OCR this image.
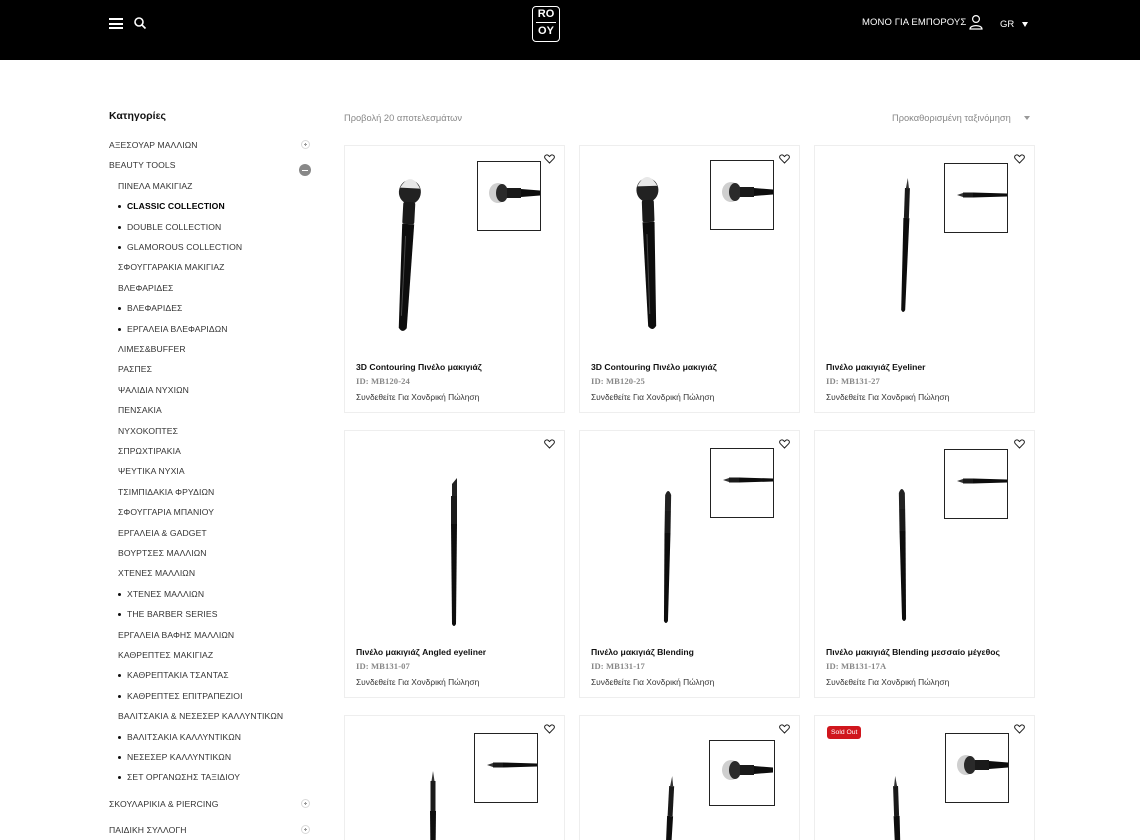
RO
OY
ΜΟΝΟ ΓΙΑ ΕΜΠΟΡΟΥΣ	GR
Κατηγορίες
ΑΞΕΣΟΥΑΡ ΜΑΛΛΙΩΝ
BEAUTY TOOLS
ΠΙΝΕΛΑ ΜΑΚΙΓΙΑΖ
CLASSIC COLLECTION
DOUBLE COLLECTION
GLAMOROUS COLLECTION
ΣΦΟΥΓΓΑΡΑΚΙΑ ΜΑΚΙΓΙΑΖ
ΒΛΕΦΑΡΙΔΕΣ
ΒΛΕΦΑΡΙΔΕΣ
ΕΡΓΑΛΕΙΑ ΒΛΕΦΑΡΙΔΩΝ
ΛΙΜΕΣ&BUFFER
ΡΑΣΠΕΣ
ΨΑΛΙΔΙΑ ΝΥΧΙΩΝ
ΠΕΝΣΑΚΙΑ
ΝΥΧΟΚΟΠΤΕΣ
ΣΠΡΩΧΤΙΡΑΚΙΑ
ΨΕΥΤΙΚΑ ΝΥΧΙΑ
ΤΣΙΜΠΙΔΑΚΙΑ ΦΡΥΔΙΩΝ
ΣΦΟΥΓΓΑΡΙΑ ΜΠΑΝΙΟΥ
ΕΡΓΑΛΕΙΑ & GADGET
ΒΟΥΡΤΣΕΣ ΜΑΛΛΙΩΝ
ΧΤΕΝΕΣ ΜΑΛΛΙΩΝ
ΧΤΕΝΕΣ ΜΑΛΛΙΩΝ
THE BARBER SERIES
ΕΡΓΑΛΕΙΑ ΒΑΦΗΣ ΜΑΛΛΙΩΝ
ΚΑΘΡΕΠΤΕΣ ΜΑΚΙΓΙΑΖ
ΚΑΘΡΕΠΤΑΚΙΑ ΤΣΑΝΤΑΣ
ΚΑΘΡΕΠΤΕΣ ΕΠΙΤΡΑΠΕΖΙΟΙ
ΒΑΛΙΤΣΑΚΙΑ & ΝΕΣΕΣΕΡ ΚΑΛΛΥΝΤΙΚΩΝ
ΒΑΛΙΤΣΑΚΙΑ ΚΑΛΛΥΝΤΙΚΩΝ
ΝΕΣΕΣΕΡ ΚΑΛΛΥΝΤΙΚΩΝ
ΣΕΤ ΟΡΓΑΝΩΣΗΣ ΤΑΞΙΔΙΟΥ
ΣΚΟΥΛΑΡΙΚΙΑ & PIERCING
ΠΑΙΔΙΚΗ ΣΥΛΛΟΓΗ
Προβολή 20 αποτελεσμάτων	Προκαθορισμένη ταξινόμηση
3D Contouring Πινέλο μακιγιάζ
ID: MB120-24
Συνδεθείτε Για Χονδρική Πώληση
3D Contouring Πινέλο μακιγιάζ
ID: MB120-25
Συνδεθείτε Για Χονδρική Πώληση
Πινέλο μακιγιάζ Eyeliner
ID: MB131-27
Συνδεθείτε Για Χονδρική Πώληση
Πινέλο μακιγιάζ Angled eyeliner
ID: MB131-07
Συνδεθείτε Για Χονδρική Πώληση
Πινέλο μακιγιάζ Blending
ID: MB131-17
Συνδεθείτε Για Χονδρική Πώληση
Πινέλο μακιγιάζ Blending μεσσαίο μέγεθος
ID: MB131-17A
Συνδεθείτε Για Χονδρική Πώληση
Sold Out
